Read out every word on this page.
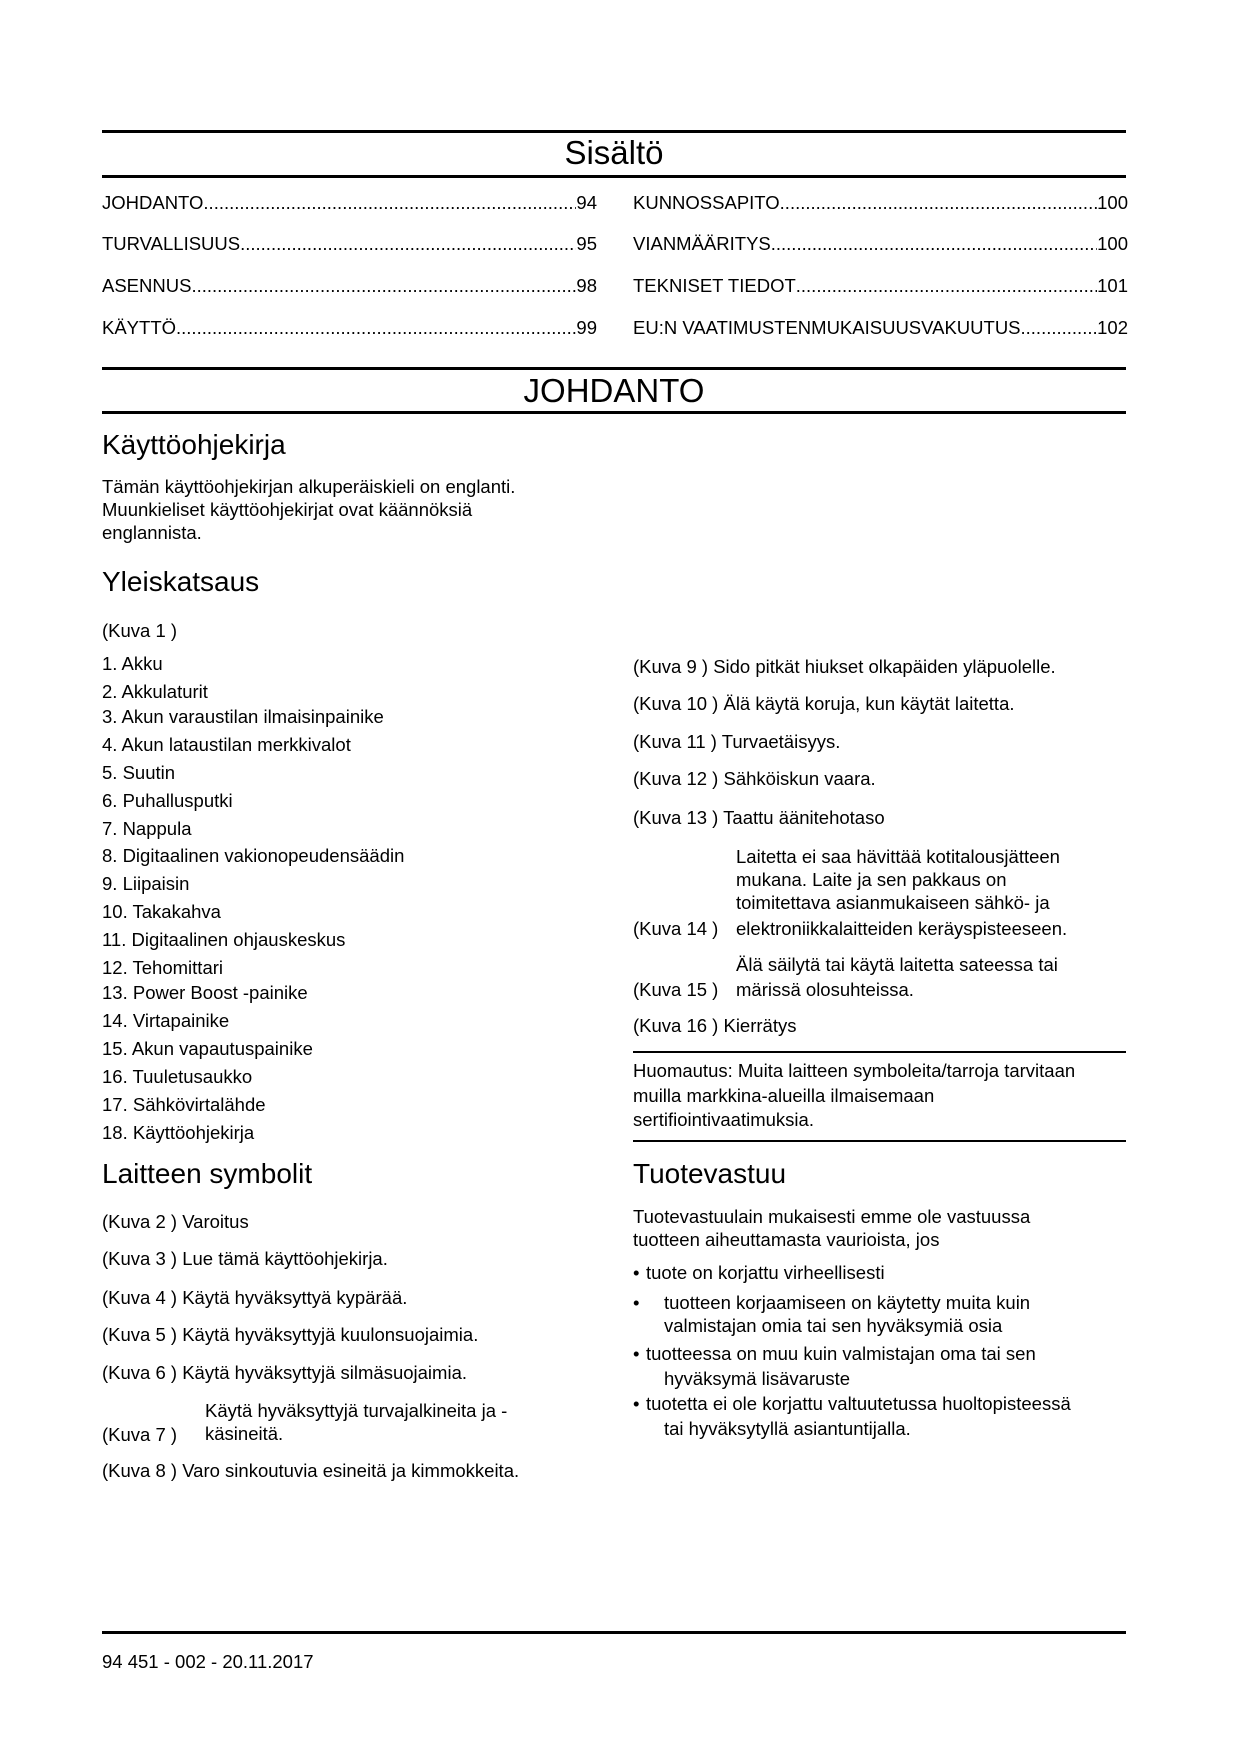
Sisältö
JOHDANTO .....	94
TURVALLISUUS .....	95
ASENNUS .....	98
KÄYTTÖ .....	99
KUNNOSSAPITO .....	100
VIANMÄÄRITYS .....	100
TEKNISET TIEDOT .....	101
EU:N VAATIMUSTENMUKAISUUSVAKUUTUS .....	102
JOHDANTO
Käyttöohjekirja
Tämän käyttöohjekirjan alkuperäiskieli on englanti.
Muunkieliset käyttöohjekirjat ovat käännöksiä
englannista.
Yleiskatsaus
(Kuva 1 )
1. Akku
2. Akkulaturit
3. Akun varaustilan ilmaisinpainike
4. Akun lataustilan merkkivalot
5. Suutin
6. Puhallusputki
7. Nappula
8. Digitaalinen vakionopeudensäädin
9. Liipaisin
10. Takakahva
11. Digitaalinen ohjauskeskus
12. Tehomittari
13. Power Boost -painike
14. Virtapainike
15. Akun vapautuspainike
16. Tuuletusaukko
17. Sähkövirtalähde
18. Käyttöohjekirja
Laitteen symbolit
(Kuva 2 ) Varoitus
(Kuva 3 ) Lue tämä käyttöohjekirja.
(Kuva 4 ) Käytä hyväksyttyä kypärää.
(Kuva 5 ) Käytä hyväksyttyjä kuulonsuojaimia.
(Kuva 6 ) Käytä hyväksyttyjä silmäsuojaimia.
(Kuva 7 )
Käytä hyväksyttyjä turvajalkineita ja -
käsineitä.
(Kuva 8 ) Varo sinkoutuvia esineitä ja kimmokkeita.
(Kuva 9 ) Sido pitkät hiukset olkapäiden yläpuolelle.
(Kuva 10 ) Älä käytä koruja, kun käytät laitetta.
(Kuva 11 ) Turvaetäisyys.
(Kuva 12 ) Sähköiskun vaara.
(Kuva 13 ) Taattu äänitehotaso
(Kuva 14 )
Laitetta ei saa hävittää kotitalousjätteen
mukana. Laite ja sen pakkaus on
toimitettava asianmukaiseen sähkö- ja
elektroniikkalaitteiden keräyspisteeseen.
(Kuva 15 )
Älä säilytä tai käytä laitetta sateessa tai
märissä olosuhteissa.
(Kuva 16 ) Kierrätys
Huomautus: Muita laitteen symboleita/tarroja tarvitaan
muilla markkina-alueilla ilmaisemaan
sertifiointivaatimuksia.
Tuotevastuu
Tuotevastuulain mukaisesti emme ole vastuussa
tuotteen aiheuttamasta vaurioista, jos
• tuote on korjattu virheellisesti
• tuotteen korjaamiseen on käytetty muita kuin
valmistajan omia tai sen hyväksymiä osia
• tuotteessa on muu kuin valmistajan oma tai sen
hyväksymä lisävaruste
• tuotetta ei ole korjattu valtuutetussa huoltopisteessä
tai hyväksytyllä asiantuntijalla.
94 451 - 002 - 20.11.2017
